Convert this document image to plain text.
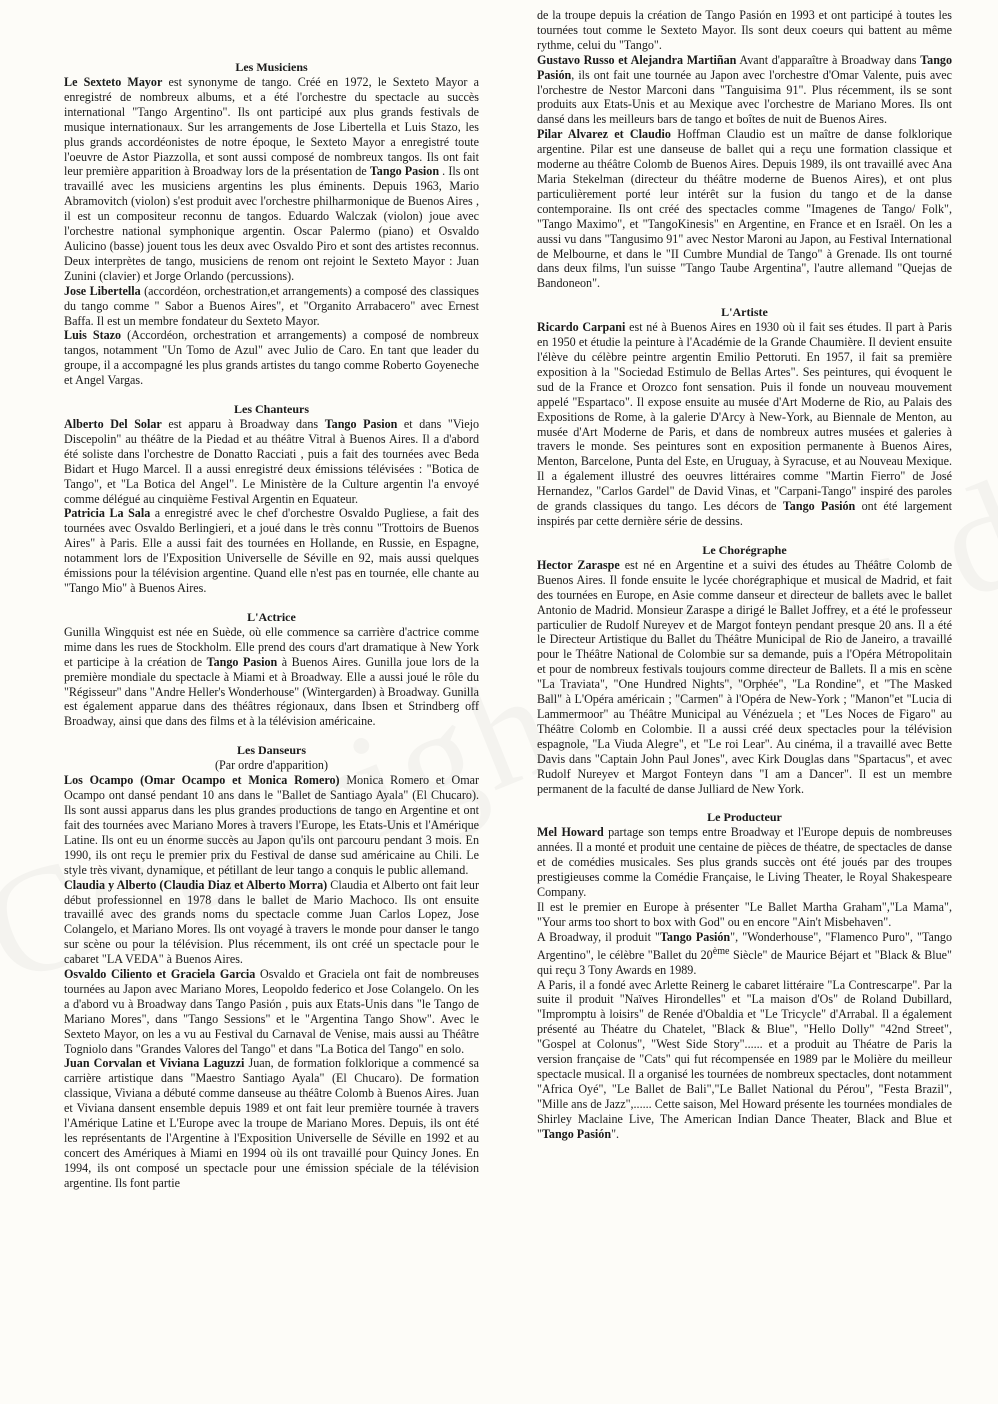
Les Musiciens

Le Sexteto Mayor est synonyme de tango. Créé en 1972, le Sexteto Mayor a enregistré de nombreux albums, et a été l'orchestre du spectacle au succès international "Tango Argentino". Ils ont participé aux plus grands festivals de musique internationaux. Sur les arrangements de Jose Libertella et Luis Stazo, les plus grands accordéonistes de notre époque, le Sexteto Mayor a enregistré toute l'oeuvre de Astor Piazzolla, et sont aussi composé de nombreux tangos. Ils ont fait leur première apparition à Broadway lors de la présentation de Tango Pasion . Ils ont travaillé avec les musiciens argentins les plus éminents. Depuis 1963, Mario Abramovitch (violon) s'est produit avec l'orchestre philharmonique de Buenos Aires , il est un compositeur reconnu de tangos. Eduardo Walczak (violon) joue avec l'orchestre national symphonique argentin. Oscar Palermo (piano) et Osvaldo Aulicino (basse) jouent tous les deux avec Osvaldo Piro et sont des artistes reconnus. Deux interprètes de tango, musiciens de renom ont rejoint le Sexteto Mayor : Juan Zunini (clavier) et Jorge Orlando (percussions).

Jose Libertella (accordéon, orchestration,et arrangements) a composé des classiques du tango comme " Sabor a Buenos Aires", et "Organito Arrabacero" avec Ernest Baffa. Il est un membre fondateur du Sexteto Mayor.

Luis Stazo (Accordéon, orchestration et arrangements) a composé de nombreux tangos, notamment "Un Tomo de Azul" avec Julio de Caro. En tant que leader du groupe, il a accompagné les plus grands artistes du tango comme Roberto Goyeneche et Angel Vargas.

Les Chanteurs

Alberto Del Solar est apparu à Broadway dans Tango Pasion et dans "Viejo Discepolin" au théâtre de la Piedad et au théâtre Vitral à Buenos Aires. Il a d'abord été soliste dans l'orchestre de Donatto Racciati , puis a fait des tournées avec Beda Bidart et Hugo Marcel. Il a aussi enregistré deux émissions télévisées : "Botica de Tango", et "La Botica del Angel". Le Ministère de la Culture argentin l'a envoyé comme délégué au cinquième Festival Argentin en Equateur.

Patricia La Sala a enregistré avec le chef d'orchestre Osvaldo Pugliese, a fait des tournées avec Osvaldo Berlingieri, et a joué dans le très connu "Trottoirs de Buenos Aires" à Paris. Elle a aussi fait des tournées en Hollande, en Russie, en Espagne, notamment lors de l'Exposition Universelle de Séville en 92, mais aussi quelques émissions pour la télévision argentine. Quand elle n'est pas en tournée, elle chante au "Tango Mio" à Buenos Aires.

L'Actrice

Gunilla Wingquist est née en Suède, où elle commence sa carrière d'actrice comme mime dans les rues de Stockholm. Elle prend des cours d'art dramatique à New York et participe à la création de Tango Pasion à Buenos Aires. Gunilla joue lors de la première mondiale du spectacle à Miami et à Broadway. Elle a aussi joué le rôle du "Régisseur" dans "Andre Heller's Wonderhouse" (Wintergarden) à Broadway. Gunilla est également apparue dans des théâtres régionaux, dans Ibsen et Strindberg off Broadway, ainsi que dans des films et à la télévision américaine.

Les Danseurs

(Par ordre d'apparition)

Los Ocampo (Omar Ocampo et Monica Romero) Monica Romero et Omar Ocampo ont dansé pendant 10 ans dans le "Ballet de Santiago Ayala" (El Chucaro). Ils sont aussi apparus dans les plus grandes productions de tango en Argentine et ont fait des tournées avec Mariano Mores à travers l'Europe, les Etats-Unis et l'Amérique Latine. Ils ont eu un énorme succès au Japon qu'ils ont parcouru pendant 3 mois. En 1990, ils ont reçu le premier prix du Festival de danse sud américaine au Chili. Le style très vivant, dynamique, et pétillant de leur tango a conquis le public allemand.

Claudia y Alberto (Claudia Diaz et Alberto Morra) Claudia et Alberto ont fait leur début professionnel en 1978 dans le ballet de Mario Machoco. Ils ont ensuite travaillé avec des grands noms du spectacle comme Juan Carlos Lopez, Jose Colangelo, et Mariano Mores. Ils ont voyagé à travers le monde pour danser le tango sur scène ou pour la télévision. Plus récemment, ils ont créé un spectacle pour le cabaret "LA VEDA" à Buenos Aires.

Osvaldo Ciliento et Graciela Garcia Osvaldo et Graciela ont fait de nombreuses tournées au Japon avec Mariano Mores, Leopoldo federico et Jose Colangelo. On les a d'abord vu à Broadway dans Tango Pasión , puis aux Etats-Unis dans "le Tango de Mariano Mores", dans "Tango Sessions" et le "Argentina Tango Show". Avec le Sexteto Mayor, on les a vu au Festival du Carnaval de Venise, mais aussi au Théâtre Togniolo dans "Grandes Valores del Tango" et dans "La Botica del Tango" en solo.

Juan Corvalan et Viviana Laguzzi Juan, de formation folklorique a commencé sa carrière artistique dans "Maestro Santiago Ayala" (El Chucaro). De formation classique, Viviana a débuté comme danseuse au théâtre Colomb à Buenos Aires. Juan et Viviana dansent ensemble depuis 1989 et ont fait leur première tournée à travers l'Amérique Latine et L'Europe avec la troupe de Mariano Mores. Depuis, ils ont été les représentants de l'Argentine à l'Exposition Universelle de Séville en 1992 et au concert des Amériques à Miami en 1994 où ils ont travaillé pour Quincy Jones. En 1994, ils ont composé un spectacle pour une émission spéciale de la télévision argentine. Ils font partie

de la troupe depuis la création de Tango Pasión en 1993 et ont participé à toutes les tournées tout comme le Sexteto Mayor. Ils sont deux coeurs qui battent au même rythme, celui du "Tango".

Gustavo Russo et Alejandra Martiñan Avant d'apparaître à Broadway dans Tango Pasión, ils ont fait une tournée au Japon avec l'orchestre d'Omar Valente, puis avec l'orchestre de Nestor Marconi dans "Tanguisima 91". Plus récemment, ils se sont produits aux Etats-Unis et au Mexique avec l'orchestre de Mariano Mores. Ils ont dansé dans les meilleurs bars de tango et boîtes de nuit de Buenos Aires.

Pilar Alvarez et Claudio Hoffman Claudio est un maître de danse folklorique argentine. Pilar est une danseuse de ballet qui a reçu une formation classique et moderne au théâtre Colomb de Buenos Aires. Depuis 1989, ils ont travaillé avec Ana Maria Stekelman (directeur du théâtre moderne de Buenos Aires), et ont plus particulièrement porté leur intérêt sur la fusion du tango et de la danse contemporaine. Ils ont créé des spectacles comme "Imagenes de Tango/ Folk", "Tango Maximo", et "TangoKinesis" en Argentine, en France et en Israël. On les a aussi vu dans "Tangusimo 91" avec Nestor Maroni au Japon, au Festival International de Melbourne, et dans le "II Cumbre Mundial de Tango" à Grenade. Ils ont tourné dans deux films, l'un suisse "Tango Taube Argentina", l'autre allemand "Quejas de Bandoneon".

L'Artiste

Ricardo Carpani est né à Buenos Aires en 1930 où il fait ses études. Il part à Paris en 1950 et étudie la peinture à l'Académie de la Grande Chaumière. Il devient ensuite l'élève du célèbre peintre argentin Emilio Pettoruti. En 1957, il fait sa première exposition à la "Sociedad Estimulo de Bellas Artes". Ses peintures, qui évoquent le sud de la France et Orozco font sensation. Puis il fonde un nouveau mouvement appelé "Espartaco". Il expose ensuite au musée d'Art Moderne de Rio, au Palais des Expositions de Rome, à la galerie D'Arcy à New-York, au Biennale de Menton, au musée d'Art Moderne de Paris, et dans de nombreux autres musées et galeries à travers le monde. Ses peintures sont en exposition permanente à Buenos Aires, Menton, Barcelone, Punta del Este, en Uruguay, à Syracuse, et au Nouveau Mexique. Il a également illustré des oeuvres littéraires comme "Martin Fierro" de José Hernandez, "Carlos Gardel" de David Vinas, et "Carpani-Tango" inspiré des paroles de grands classiques du tango. Les décors de Tango Pasión ont été largement inspirés par cette dernière série de dessins.

Le Chorégraphe

Hector Zaraspe est né en Argentine et a suivi des études au Théâtre Colomb de Buenos Aires. Il fonde ensuite le lycée chorégraphique et musical de Madrid, et fait des tournées en Europe, en Asie comme danseur et directeur de ballets avec le ballet Antonio de Madrid. Monsieur Zaraspe a dirigé le Ballet Joffrey, et a été le professeur particulier de Rudolf Nureyev et de Margot fonteyn pendant presque 20 ans. Il a été le Directeur Artistique du Ballet du Théâtre Municipal de Rio de Janeiro, a travaillé pour le Théâtre National de Colombie sur sa demande, puis a l'Opéra Métropolitain et pour de nombreux festivals toujours comme directeur de Ballets. Il a mis en scène "La Traviata", "One Hundred Nights", "Orphée", "La Rondine", et "The Masked Ball" à L'Opéra américain ; "Carmen" à l'Opéra de New-York ; "Manon"et "Lucia di Lammermoor" au Théâtre Municipal au Vénézuela ; et "Les Noces de Figaro" au Théâtre Colomb en Colombie. Il a aussi créé deux spectacles pour la télévision espagnole, "La Viuda Alegre", et "Le roi Lear". Au cinéma, il a travaillé avec Bette Davis dans "Captain John Paul Jones", avec Kirk Douglas dans "Spartacus", et avec Rudolf Nureyev et Margot Fonteyn dans "I am a Dancer". Il est un membre permanent de la faculté de danse Julliard de New York.

Le Producteur

Mel Howard partage son temps entre Broadway et l'Europe depuis de nombreuses années. Il a monté et produit une centaine de pièces de théatre, de spectacles de danse et de comédies musicales. Ses plus grands succès ont été joués par des troupes prestigieuses comme la Comédie Française, le Living Theater, le Royal Shakespeare Company.

Il est le premier en Europe à présenter "Le Ballet Martha Graham","La Mama", "Your arms too short to box with God" ou en encore "Ain't Misbehaven".

A Broadway, il produit "Tango Pasión", "Wonderhouse", "Flamenco Puro", "Tango Argentino", le célèbre "Ballet du 20ème Siècle" de Maurice Béjart et "Black & Blue" qui reçu 3 Tony Awards en 1989.

A Paris, il a fondé avec Arlette Reinerg le cabaret littéraire "La Contrescarpe". Par la suite il produit "Naïves Hirondelles" et "La maison d'Os" de Roland Dubillard, "Impromptu à loisirs" de Renée d'Obaldia et "Le Tricycle" d'Arrabal. Il a également présenté au Théatre du Chatelet, "Black & Blue", "Hello Dolly" "42nd Street", "Gospel at Colonus", "West Side Story"...... et a produit au Théatre de Paris la version française de "Cats" qui fut récompensée en 1989 par le Molière du meilleur spectacle musical. Il a organisé les tournées de nombreux spectacles, dont notamment "Africa Oyé", "Le Ballet de Bali","Le Ballet National du Pérou", "Festa Brazil", "Mille ans de Jazz",...... Cette saison, Mel Howard présente les tournées mondiales de Shirley Maclaine Live, The American Indian Dance Theater, Black and Blue et "Tango Pasión".
